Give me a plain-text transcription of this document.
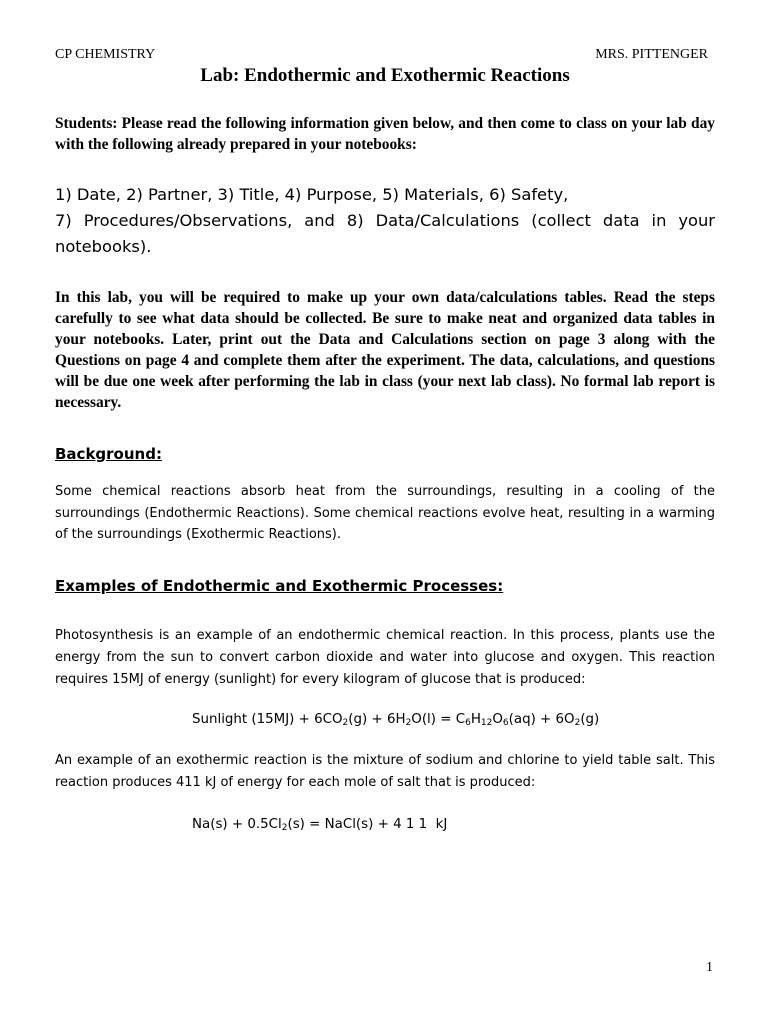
CP CHEMISTRY	MRS. PITTENGER
Lab: Endothermic and Exothermic Reactions
Students: Please read the following information given below, and then come to class on your lab day with the following already prepared in your notebooks:
1) Date, 2) Partner, 3) Title, 4) Purpose, 5) Materials, 6) Safety,
7) Procedures/Observations, and 8) Data/Calculations (collect data in your notebooks).
In this lab, you will be required to make up your own data/calculations tables. Read the steps carefully to see what data should be collected. Be sure to make neat and organized data tables in your notebooks. Later, print out the Data and Calculations section on page 3 along with the Questions on page 4 and complete them after the experiment. The data, calculations, and questions will be due one week after performing the lab in class (your next lab class). No formal lab report is necessary.
Background:
Some chemical reactions absorb heat from the surroundings, resulting in a cooling of the surroundings (Endothermic Reactions). Some chemical reactions evolve heat, resulting in a warming of the surroundings (Exothermic Reactions).
Examples of Endothermic and Exothermic Processes:
Photosynthesis is an example of an endothermic chemical reaction. In this process, plants use the energy from the sun to convert carbon dioxide and water into glucose and oxygen. This reaction requires 15MJ of energy (sunlight) for every kilogram of glucose that is produced:
Sunlight $(15MJ) + 6CO_2(g) + 6H_2O(l) = C_6H_{12}O_6(aq) + 6O_2(g)$
An example of an exothermic reaction is the mixture of sodium and chlorine to yield table salt. This reaction produces 411 kJ of energy for each mole of salt that is produced:
$Na(s) + 0.5Cl_2(s)$ = NaCl(s) + 4 1 1  kJ
1
